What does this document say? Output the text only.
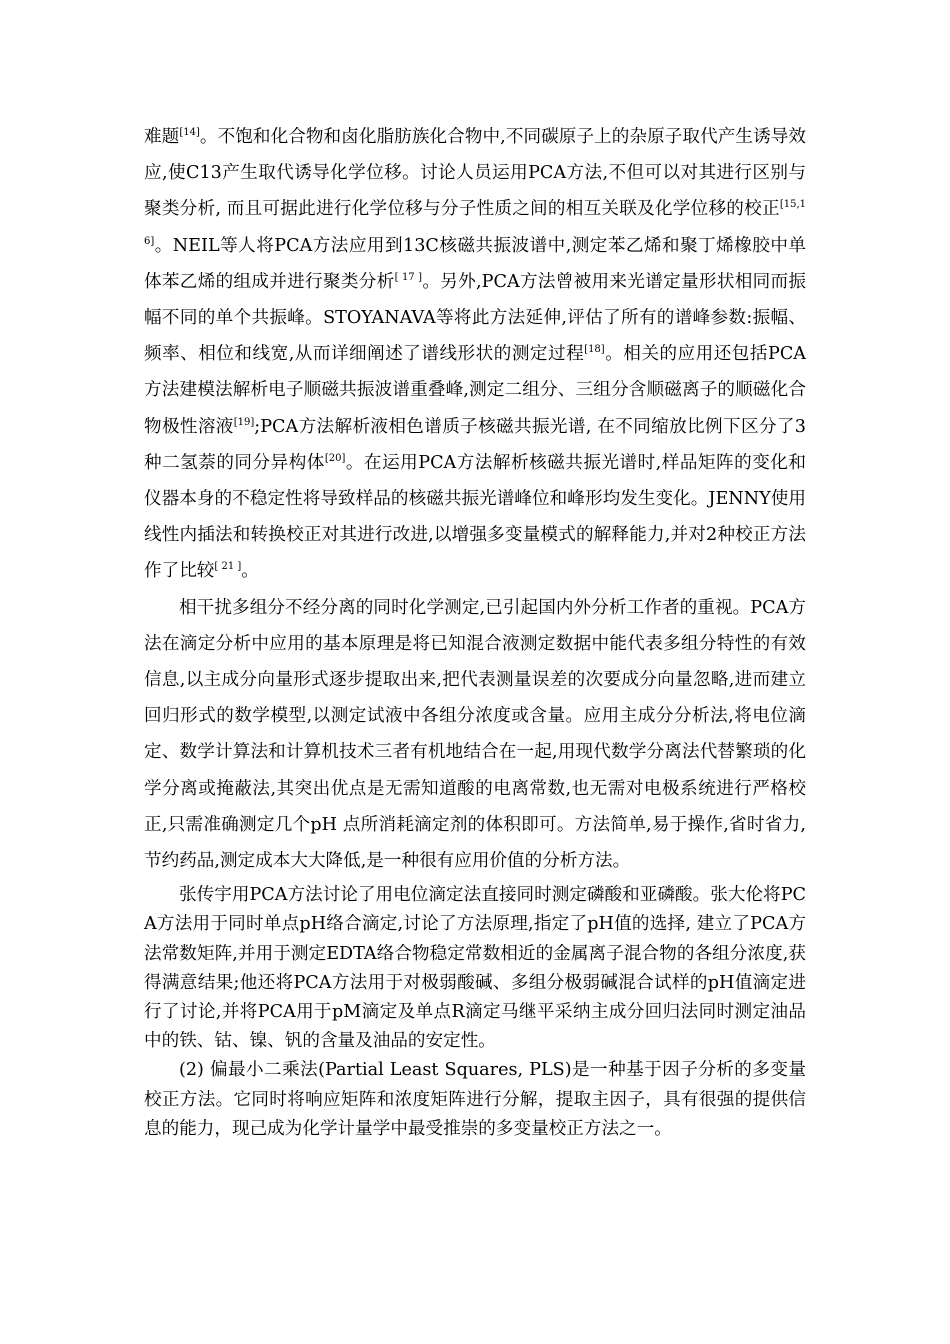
难题[14]。不饱和化合物和卤化脂肪族化合物中,不同碳原子上的杂原子取代产生诱导效应,使C13产生取代诱导化学位移。讨论人员运用PCA方法,不但可以对其进行区别与聚类分析, 而且可据此进行化学位移与分子性质之间的相互关联及化学位移的校正[15,16]。NEIL等人将PCA方法应用到13C核磁共振波谱中,测定苯乙烯和聚丁烯橡胶中单体苯乙烯的组成并进行聚类分析[ 17 ]。另外,PCA方法曾被用来光谱定量形状相同而振幅不同的单个共振峰。STOYANAVA等将此方法延伸,评估了所有的谱峰参数:振幅、频率、相位和线宽,从而详细阐述了谱线形状的测定过程[18]。相关的应用还包括PCA方法建模法解析电子顺磁共振波谱重叠峰,测定二组分、三组分含顺磁离子的顺磁化合物极性溶液[19];PCA方法解析液相色谱质子核磁共振光谱, 在不同缩放比例下区分了3种二氢萘的同分异构体[20]。在运用PCA方法解析核磁共振光谱时,样品矩阵的变化和仪器本身的不稳定性将导致样品的核磁共振光谱峰位和峰形均发生变化。JENNY使用线性内插法和转换校正对其进行改进,以增强多变量模式的解释能力,并对2种校正方法作了比较[ 21 ]。

相干扰多组分不经分离的同时化学测定,已引起国内外分析工作者的重视。PCA方法在滴定分析中应用的基本原理是将已知混合液测定数据中能代表多组分特性的有效信息,以主成分向量形式逐步提取出来,把代表测量误差的次要成分向量忽略,进而建立回归形式的数学模型,以测定试液中各组分浓度或含量。应用主成分分析法,将电位滴定、数学计算法和计算机技术三者有机地结合在一起,用现代数学分离法代替繁琐的化学分离或掩蔽法,其突出优点是无需知道酸的电离常数,也无需对电极系统进行严格校正,只需准确测定几个pH 点所消耗滴定剂的体积即可。方法简单,易于操作,省时省力,节约药品,测定成本大大降低,是一种很有应用价值的分析方法。

张传宇用PCA方法讨论了用电位滴定法直接同时测定磷酸和亚磷酸。张大伦将PCA方法用于同时单点pH络合滴定,讨论了方法原理,指定了pH值的选择, 建立了PCA方法常数矩阵,并用于测定EDTA络合物稳定常数相近的金属离子混合物的各组分浓度,获得满意结果;他还将PCA方法用于对极弱酸碱、多组分极弱碱混合试样的pH值滴定进行了讨论,并将PCA用于pM滴定及单点R滴定马继平采纳主成分回归法同时测定油品中的铁、钴、镍、钒的含量及油品的安定性。

(2) 偏最小二乘法(Partial Least Squares, PLS)是一种基于因子分析的多变量校正方法。它同时将响应矩阵和浓度矩阵进行分解，提取主因子，具有很强的提供信息的能力，现己成为化学计量学中最受推崇的多变量校正方法之一。
